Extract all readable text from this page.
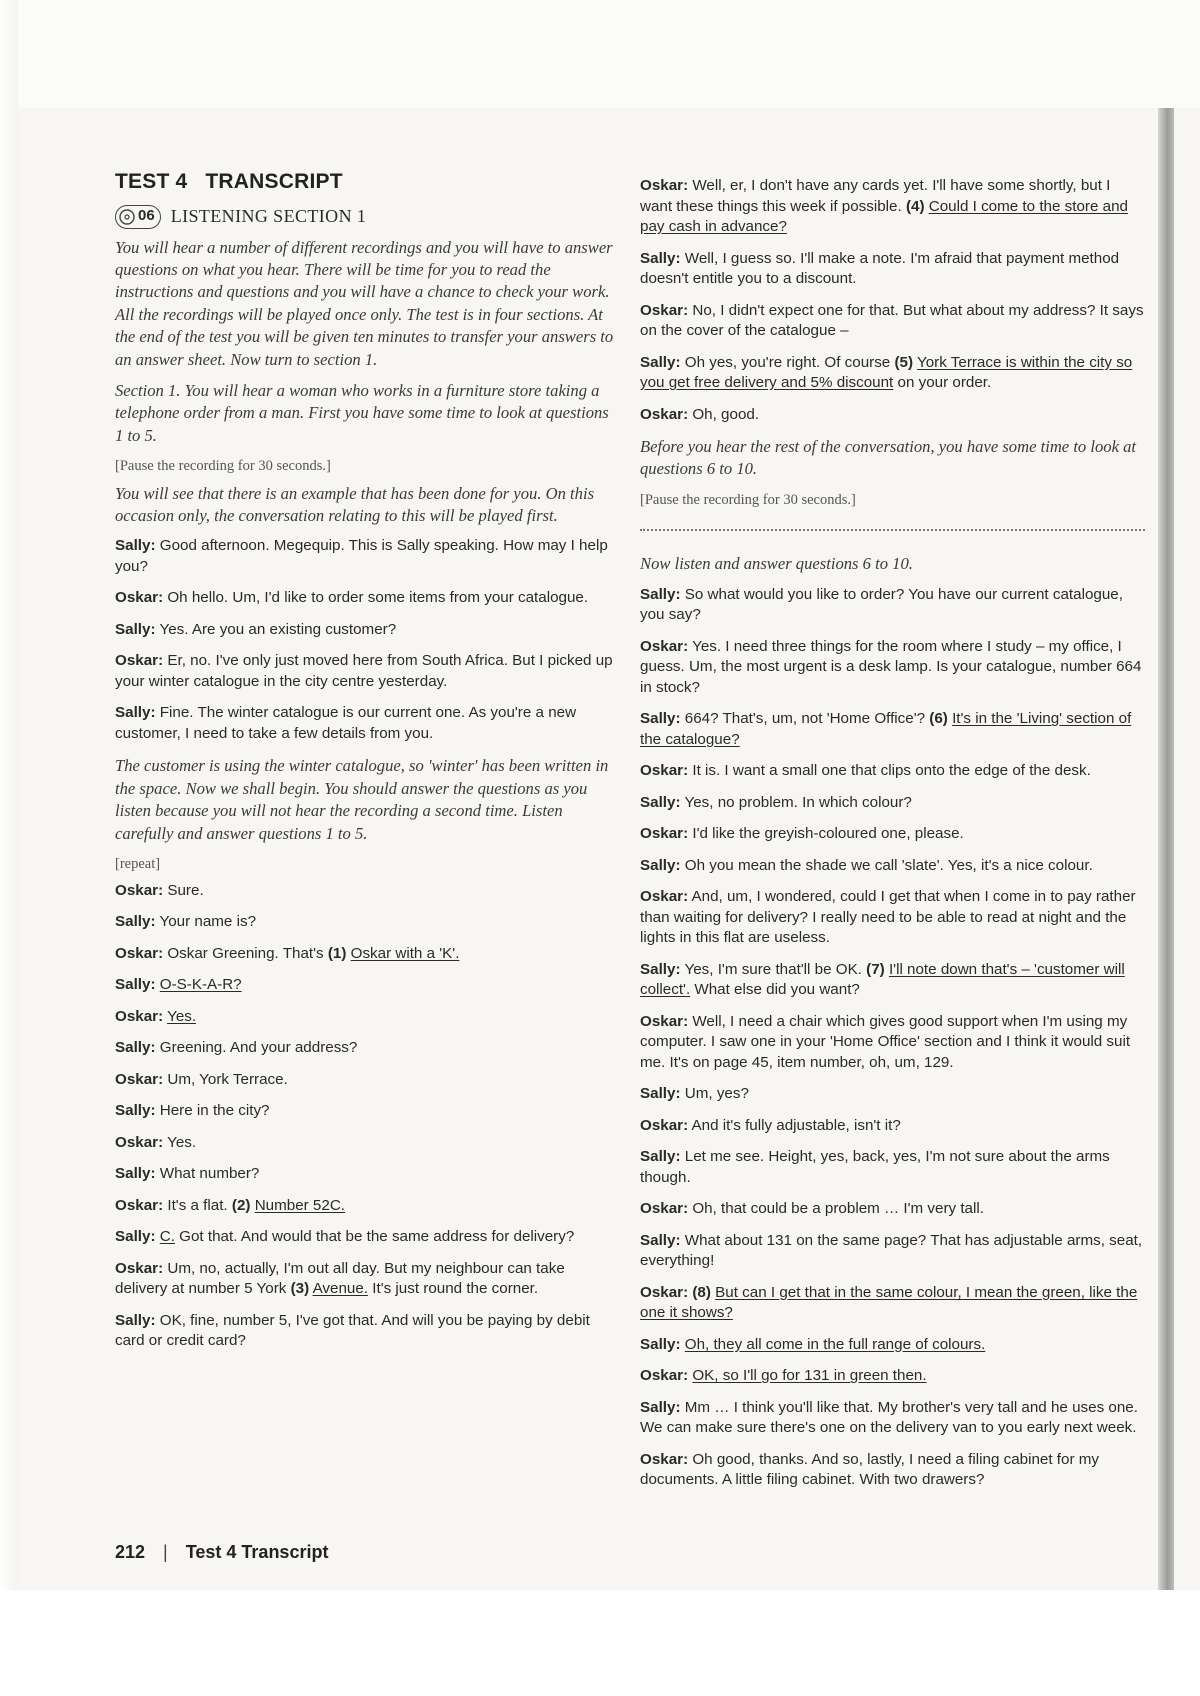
TEST 4 TRANSCRIPT
06 LISTENING SECTION 1

You will hear a number of different recordings and you will have to answer questions on what you hear. There will be time for you to read the instructions and questions and you will have a chance to check your work. All the recordings will be played once only. The test is in four sections. At the end of the test you will be given ten minutes to transfer your answers to an answer sheet. Now turn to section 1.

Section 1. You will hear a woman who works in a furniture store taking a telephone order from a man. First you have some time to look at questions 1 to 5.

[Pause the recording for 30 seconds.]

You will see that there is an example that has been done for you. On this occasion only, the conversation relating to this will be played first.

Sally: Good afternoon. Megequip. This is Sally speaking. How may I help you?

Oskar: Oh hello. Um, I'd like to order some items from your catalogue.

Sally: Yes. Are you an existing customer?

Oskar: Er, no. I've only just moved here from South Africa. But I picked up your winter catalogue in the city centre yesterday.

Sally: Fine. The winter catalogue is our current one. As you're a new customer, I need to take a few details from you.

The customer is using the winter catalogue, so 'winter' has been written in the space. Now we shall begin. You should answer the questions as you listen because you will not hear the recording a second time. Listen carefully and answer questions 1 to 5.

[repeat]

Oskar: Sure.

Sally: Your name is?

Oskar: Oskar Greening. That's (1) Oskar with a 'K'.

Sally: O-S-K-A-R?

Oskar: Yes.

Sally: Greening. And your address?

Oskar: Um, York Terrace.

Sally: Here in the city?

Oskar: Yes.

Sally: What number?

Oskar: It's a flat. (2) Number 52C.

Sally: C. Got that. And would that be the same address for delivery?

Oskar: Um, no, actually, I'm out all day. But my neighbour can take delivery at number 5 York (3) Avenue. It's just round the corner.

Sally: OK, fine, number 5, I've got that. And will you be paying by debit card or credit card?

Oskar: Well, er, I don't have any cards yet. I'll have some shortly, but I want these things this week if possible. (4) Could I come to the store and pay cash in advance?

Sally: Well, I guess so. I'll make a note. I'm afraid that payment method doesn't entitle you to a discount.

Oskar: No, I didn't expect one for that. But what about my address? It says on the cover of the catalogue –

Sally: Oh yes, you're right. Of course (5) York Terrace is within the city so you get free delivery and 5% discount on your order.

Oskar: Oh, good.

Before you hear the rest of the conversation, you have some time to look at questions 6 to 10.

[Pause the recording for 30 seconds.]

Now listen and answer questions 6 to 10.

Sally: So what would you like to order? You have our current catalogue, you say?

Oskar: Yes. I need three things for the room where I study – my office, I guess. Um, the most urgent is a desk lamp. Is your catalogue, number 664 in stock?

Sally: 664? That's, um, not 'Home Office'? (6) It's in the 'Living' section of the catalogue?

Oskar: It is. I want a small one that clips onto the edge of the desk.

Sally: Yes, no problem. In which colour?

Oskar: I'd like the greyish-coloured one, please.

Sally: Oh you mean the shade we call 'slate'. Yes, it's a nice colour.

Oskar: And, um, I wondered, could I get that when I come in to pay rather than waiting for delivery? I really need to be able to read at night and the lights in this flat are useless.

Sally: Yes, I'm sure that'll be OK. (7) I'll note down that's – 'customer will collect'. What else did you want?

Oskar: Well, I need a chair which gives good support when I'm using my computer. I saw one in your 'Home Office' section and I think it would suit me. It's on page 45, item number, oh, um, 129.

Sally: Um, yes?

Oskar: And it's fully adjustable, isn't it?

Sally: Let me see. Height, yes, back, yes, I'm not sure about the arms though.

Oskar: Oh, that could be a problem … I'm very tall.

Sally: What about 131 on the same page? That has adjustable arms, seat, everything!

Oskar: (8) But can I get that in the same colour, I mean the green, like the one it shows?

Sally: Oh, they all come in the full range of colours.

Oskar: OK, so I'll go for 131 in green then.

Sally: Mm … I think you'll like that. My brother's very tall and he uses one. We can make sure there's one on the delivery van to you early next week.

Oskar: Oh good, thanks. And so, lastly, I need a filing cabinet for my documents. A little filing cabinet. With two drawers?

212 | Test 4 Transcript
